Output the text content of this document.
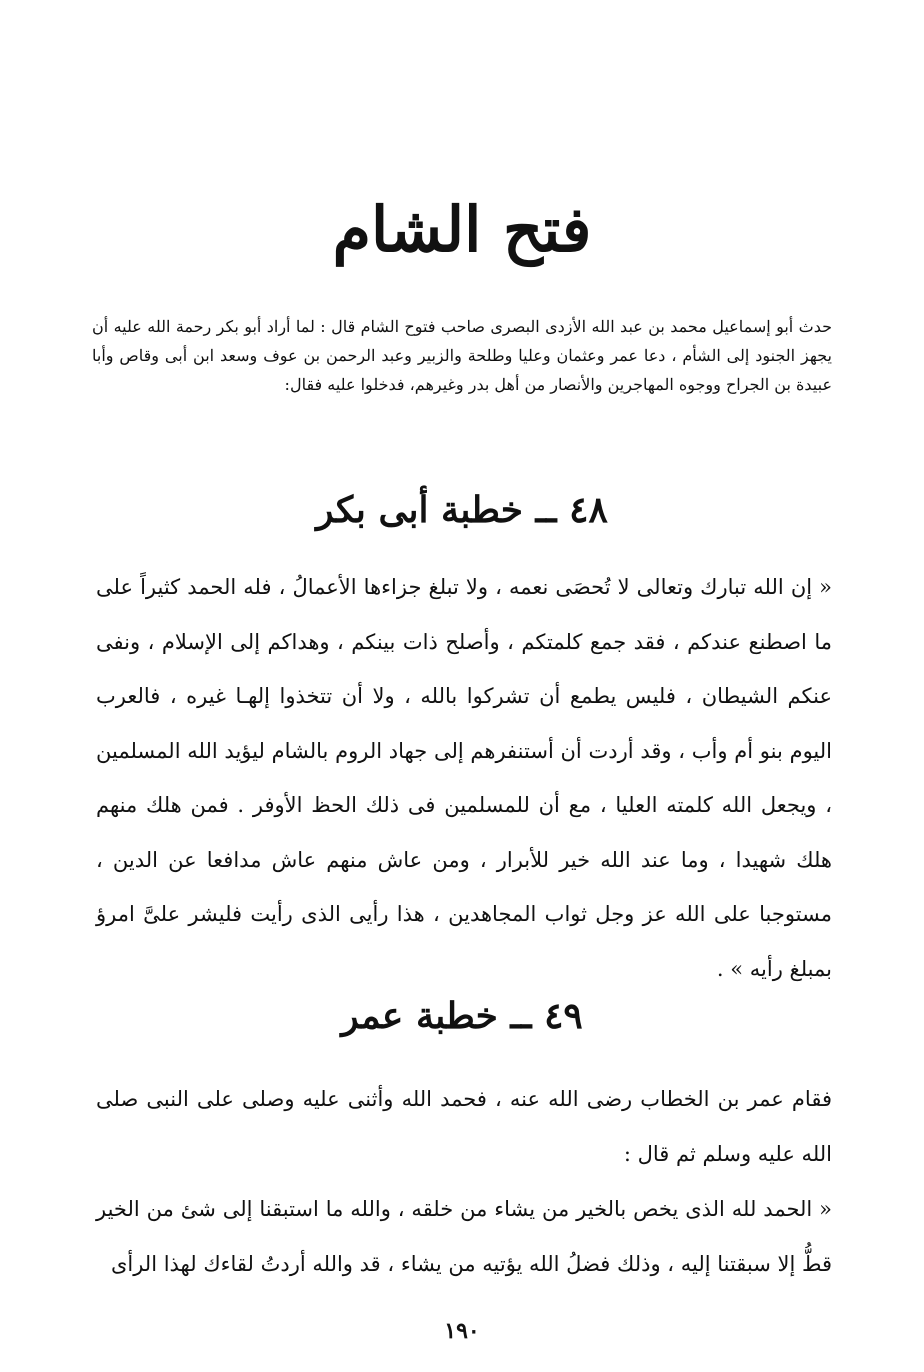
فتح الشام

حدث أبو إسماعيل محمد بن عبد الله الأزدى البصرى صاحب فتوح الشام قال : لما أراد أبو بكر رحمة الله عليه أن يجهز الجنود إلى الشأم ، دعا عمر وعثمان وعليا وطلحة والزبير وعبد الرحمن بن عوف وسعد ابن أبى وقاص وأبا عبيدة بن الجراح ووجوه المهاجرين والأنصار من أهل بدر وغيرهم، فدخلوا عليه فقال:

٤٨ ــ خطبة أبى بكر

« إن الله تبارك وتعالى لا تُحصَى نعمه ، ولا تبلغ جزاءها الأعمالُ ، فله الحمد كثيراً على ما اصطنع عندكم ، فقد جمع كلمتكم ، وأصلح ذات بينكم ، وهداكم إلى الإسلام ، ونفى عنكم الشيطان ، فليس يطمع أن تشركوا بالله ، ولا أن تتخذوا إلهـا غيره ، فالعرب اليوم بنو أم وأب ، وقد أردت أن أستنفرهم إلى جهاد الروم بالشام ليؤيد الله المسلمين ، ويجعل الله كلمته العليا ، مع أن للمسلمين فى ذلك الحظ الأوفر . فمن هلك منهم هلك شهيدا ، وما عند الله خير للأبرار ، ومن عاش منهم عاش مدافعا عن الدين ، مستوجبا على الله عز وجل ثواب المجاهدين ، هذا رأيى الذى رأيت فليشر علىَّ امرؤ بمبلغ رأيه » .

٤٩ ــ خطبة عمر

فقام عمر بن الخطاب رضى الله عنه ، فحمد الله وأثنى عليه وصلى على النبى صلى الله عليه وسلم ثم قال :

« الحمد لله الذى يخص بالخير من يشاء من خلقه ، والله ما استبقنا إلى شئ من الخير قطُّ إلا سبقتنا إليه ، وذلك فضلُ الله يؤتيه من يشاء ، قد والله أردتُ لقاءك لهذا الرأى

١٩٠
